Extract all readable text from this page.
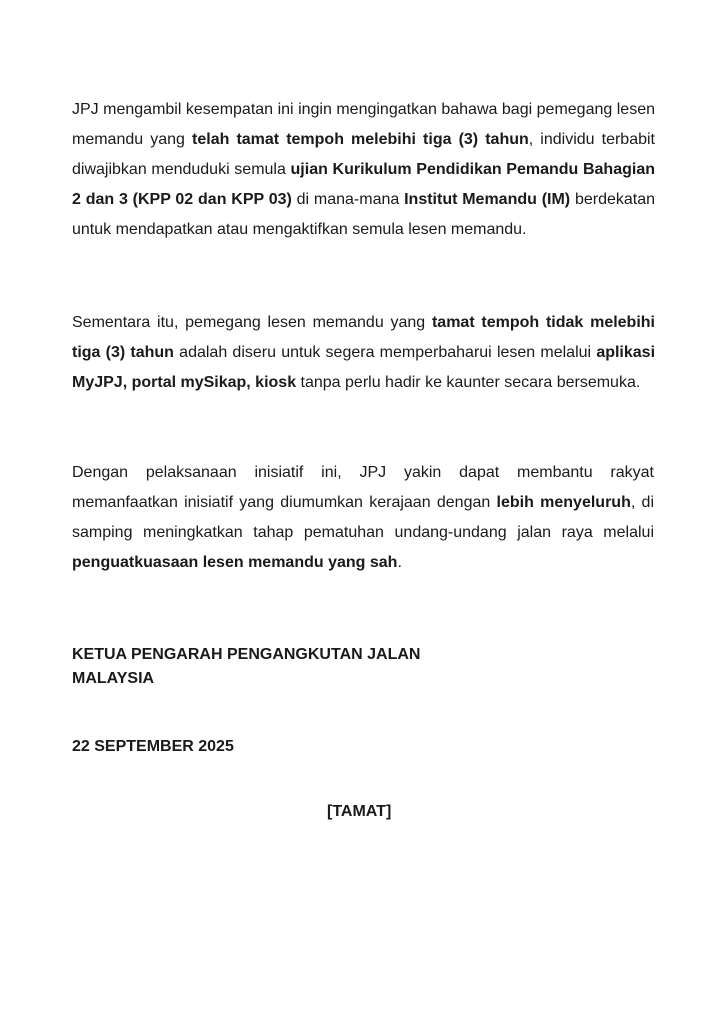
JPJ mengambil kesempatan ini ingin mengingatkan bahawa bagi pemegang lesen memandu yang telah tamat tempoh melebihi tiga (3) tahun, individu terbabit diwajibkan menduduki semula ujian Kurikulum Pendidikan Pemandu Bahagian 2 dan 3 (KPP 02 dan KPP 03) di mana-mana Institut Memandu (IM) berdekatan untuk mendapatkan atau mengaktifkan semula lesen memandu.

Sementara itu, pemegang lesen memandu yang tamat tempoh tidak melebihi tiga (3) tahun adalah diseru untuk segera memperbaharui lesen melalui aplikasi MyJPJ, portal mySikap, kiosk tanpa perlu hadir ke kaunter secara bersemuka.

Dengan pelaksanaan inisiatif ini, JPJ yakin dapat membantu rakyat memanfaatkan inisiatif yang diumumkan kerajaan dengan lebih menyeluruh, di samping meningkatkan tahap pematuhan undang-undang jalan raya melalui penguatkuasaan lesen memandu yang sah.

KETUA PENGARAH PENGANGKUTAN JALAN
MALAYSIA
22 SEPTEMBER 2025
[TAMAT]
